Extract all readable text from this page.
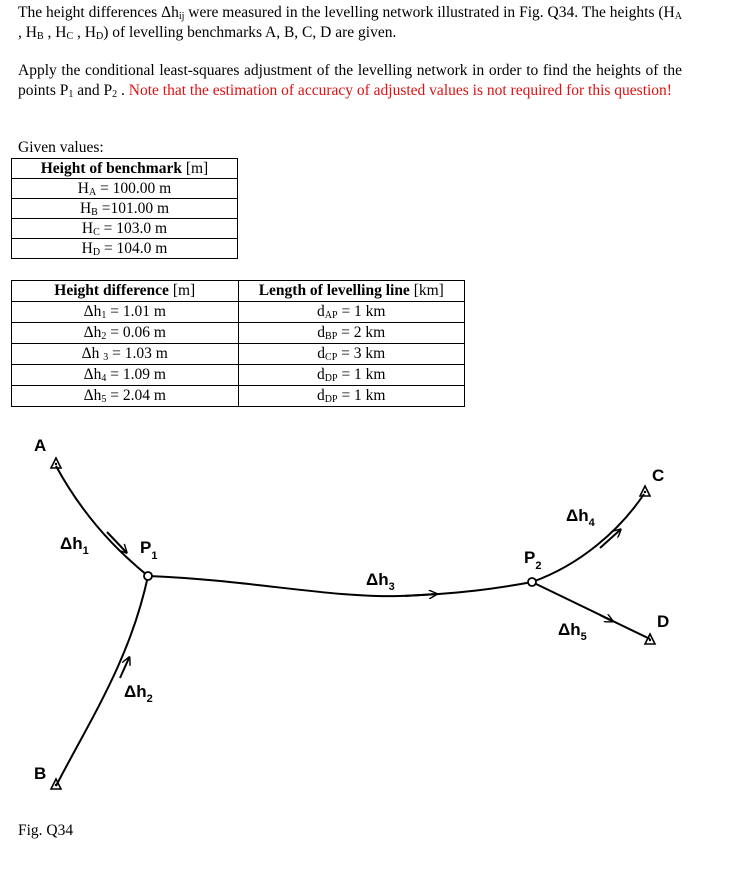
The height differences $\Delta h_{ij}$ were measured in the levelling network illustrated in Fig. Q34. The heights ($H_A$ , $H_B$ , $H_C$ , $H_D$) of levelling benchmarks A, B, C, D are given.

Apply the conditional least-squares adjustment of the levelling network in order to find the heights of the points $P_1$ and $P_2$ . Note that the estimation of accuracy of adjusted values is not required for this question!

Given values:
Height of benchmark [m]
$H_A = 100.00$ m
$H_B =101.00$ m
$H_C = 103.0$ m
$H_D = 104.0$ m
Height difference [m]	Length of levelling line [km]
$\Delta h_1 = 1.01$ m	$d_{AP} = 1$ km
$\Delta h_2 = 0.06$ m	$d_{BP} = 2$ km
Δh $_3$ = 1.03 m	$d_{CP} = 3$ km
$\Delta h_4 = 1.09$ m	$d_{DP} = 1$ km
$\Delta h_5 = 2.04$ m	$d_{DP} = 1$ km
A
B
C
D
$P_1$	$P_2$
$\Delta h_1$
$\Delta h_2$
$\Delta h_3$
$\Delta h_4$
$\Delta h_5$
Fig. Q34
